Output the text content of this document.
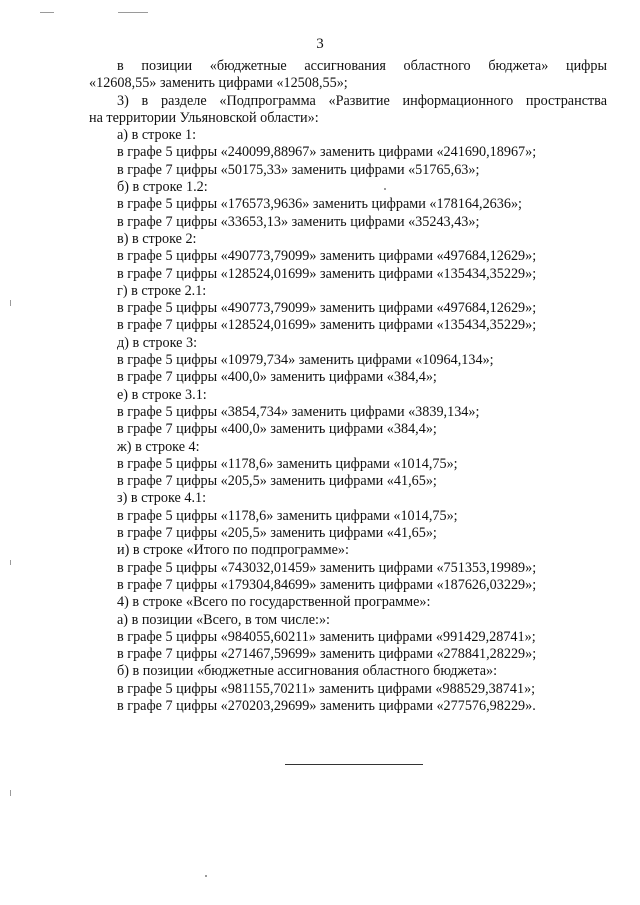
3
в позиции «бюджетные ассигнования областного бюджета» цифры
«12608,55» заменить цифрами «12508,55»;
3) в разделе «Подпрограмма «Развитие информационного пространства
на территории Ульяновской области»:
а) в строке 1:
в графе 5 цифры «240099,88967» заменить цифрами «241690,18967»;
в графе 7 цифры «50175,33» заменить цифрами «51765,63»;
б) в строке 1.2:
в графе 5 цифры «176573,9636» заменить цифрами «178164,2636»;
в графе 7 цифры «33653,13» заменить цифрами «35243,43»;
в) в строке 2:
в графе 5 цифры «490773,79099» заменить цифрами «497684,12629»;
в графе 7 цифры «128524,01699» заменить цифрами «135434,35229»;
г) в строке 2.1:
в графе 5 цифры «490773,79099» заменить цифрами «497684,12629»;
в графе 7 цифры «128524,01699» заменить цифрами «135434,35229»;
д) в строке 3:
в графе 5 цифры «10979,734» заменить цифрами «10964,134»;
в графе 7 цифры «400,0» заменить цифрами «384,4»;
е) в строке 3.1:
в графе 5 цифры «3854,734» заменить цифрами «3839,134»;
в графе 7 цифры «400,0» заменить цифрами «384,4»;
ж) в строке 4:
в графе 5 цифры «1178,6» заменить цифрами «1014,75»;
в графе 7 цифры «205,5» заменить цифрами «41,65»;
з) в строке 4.1:
в графе 5 цифры «1178,6» заменить цифрами «1014,75»;
в графе 7 цифры «205,5» заменить цифрами «41,65»;
и) в строке «Итого по подпрограмме»:
в графе 5 цифры «743032,01459» заменить цифрами «751353,19989»;
в графе 7 цифры «179304,84699» заменить цифрами «187626,03229»;
4) в строке «Всего по государственной программе»:
а) в позиции «Всего, в том числе:»:
в графе 5 цифры «984055,60211» заменить цифрами «991429,28741»;
в графе 7 цифры «271467,59699» заменить цифрами «278841,28229»;
б) в позиции «бюджетные ассигнования областного бюджета»:
в графе 5 цифры «981155,70211» заменить цифрами «988529,38741»;
в графе 7 цифры «270203,29699» заменить цифрами «277576,98229».
